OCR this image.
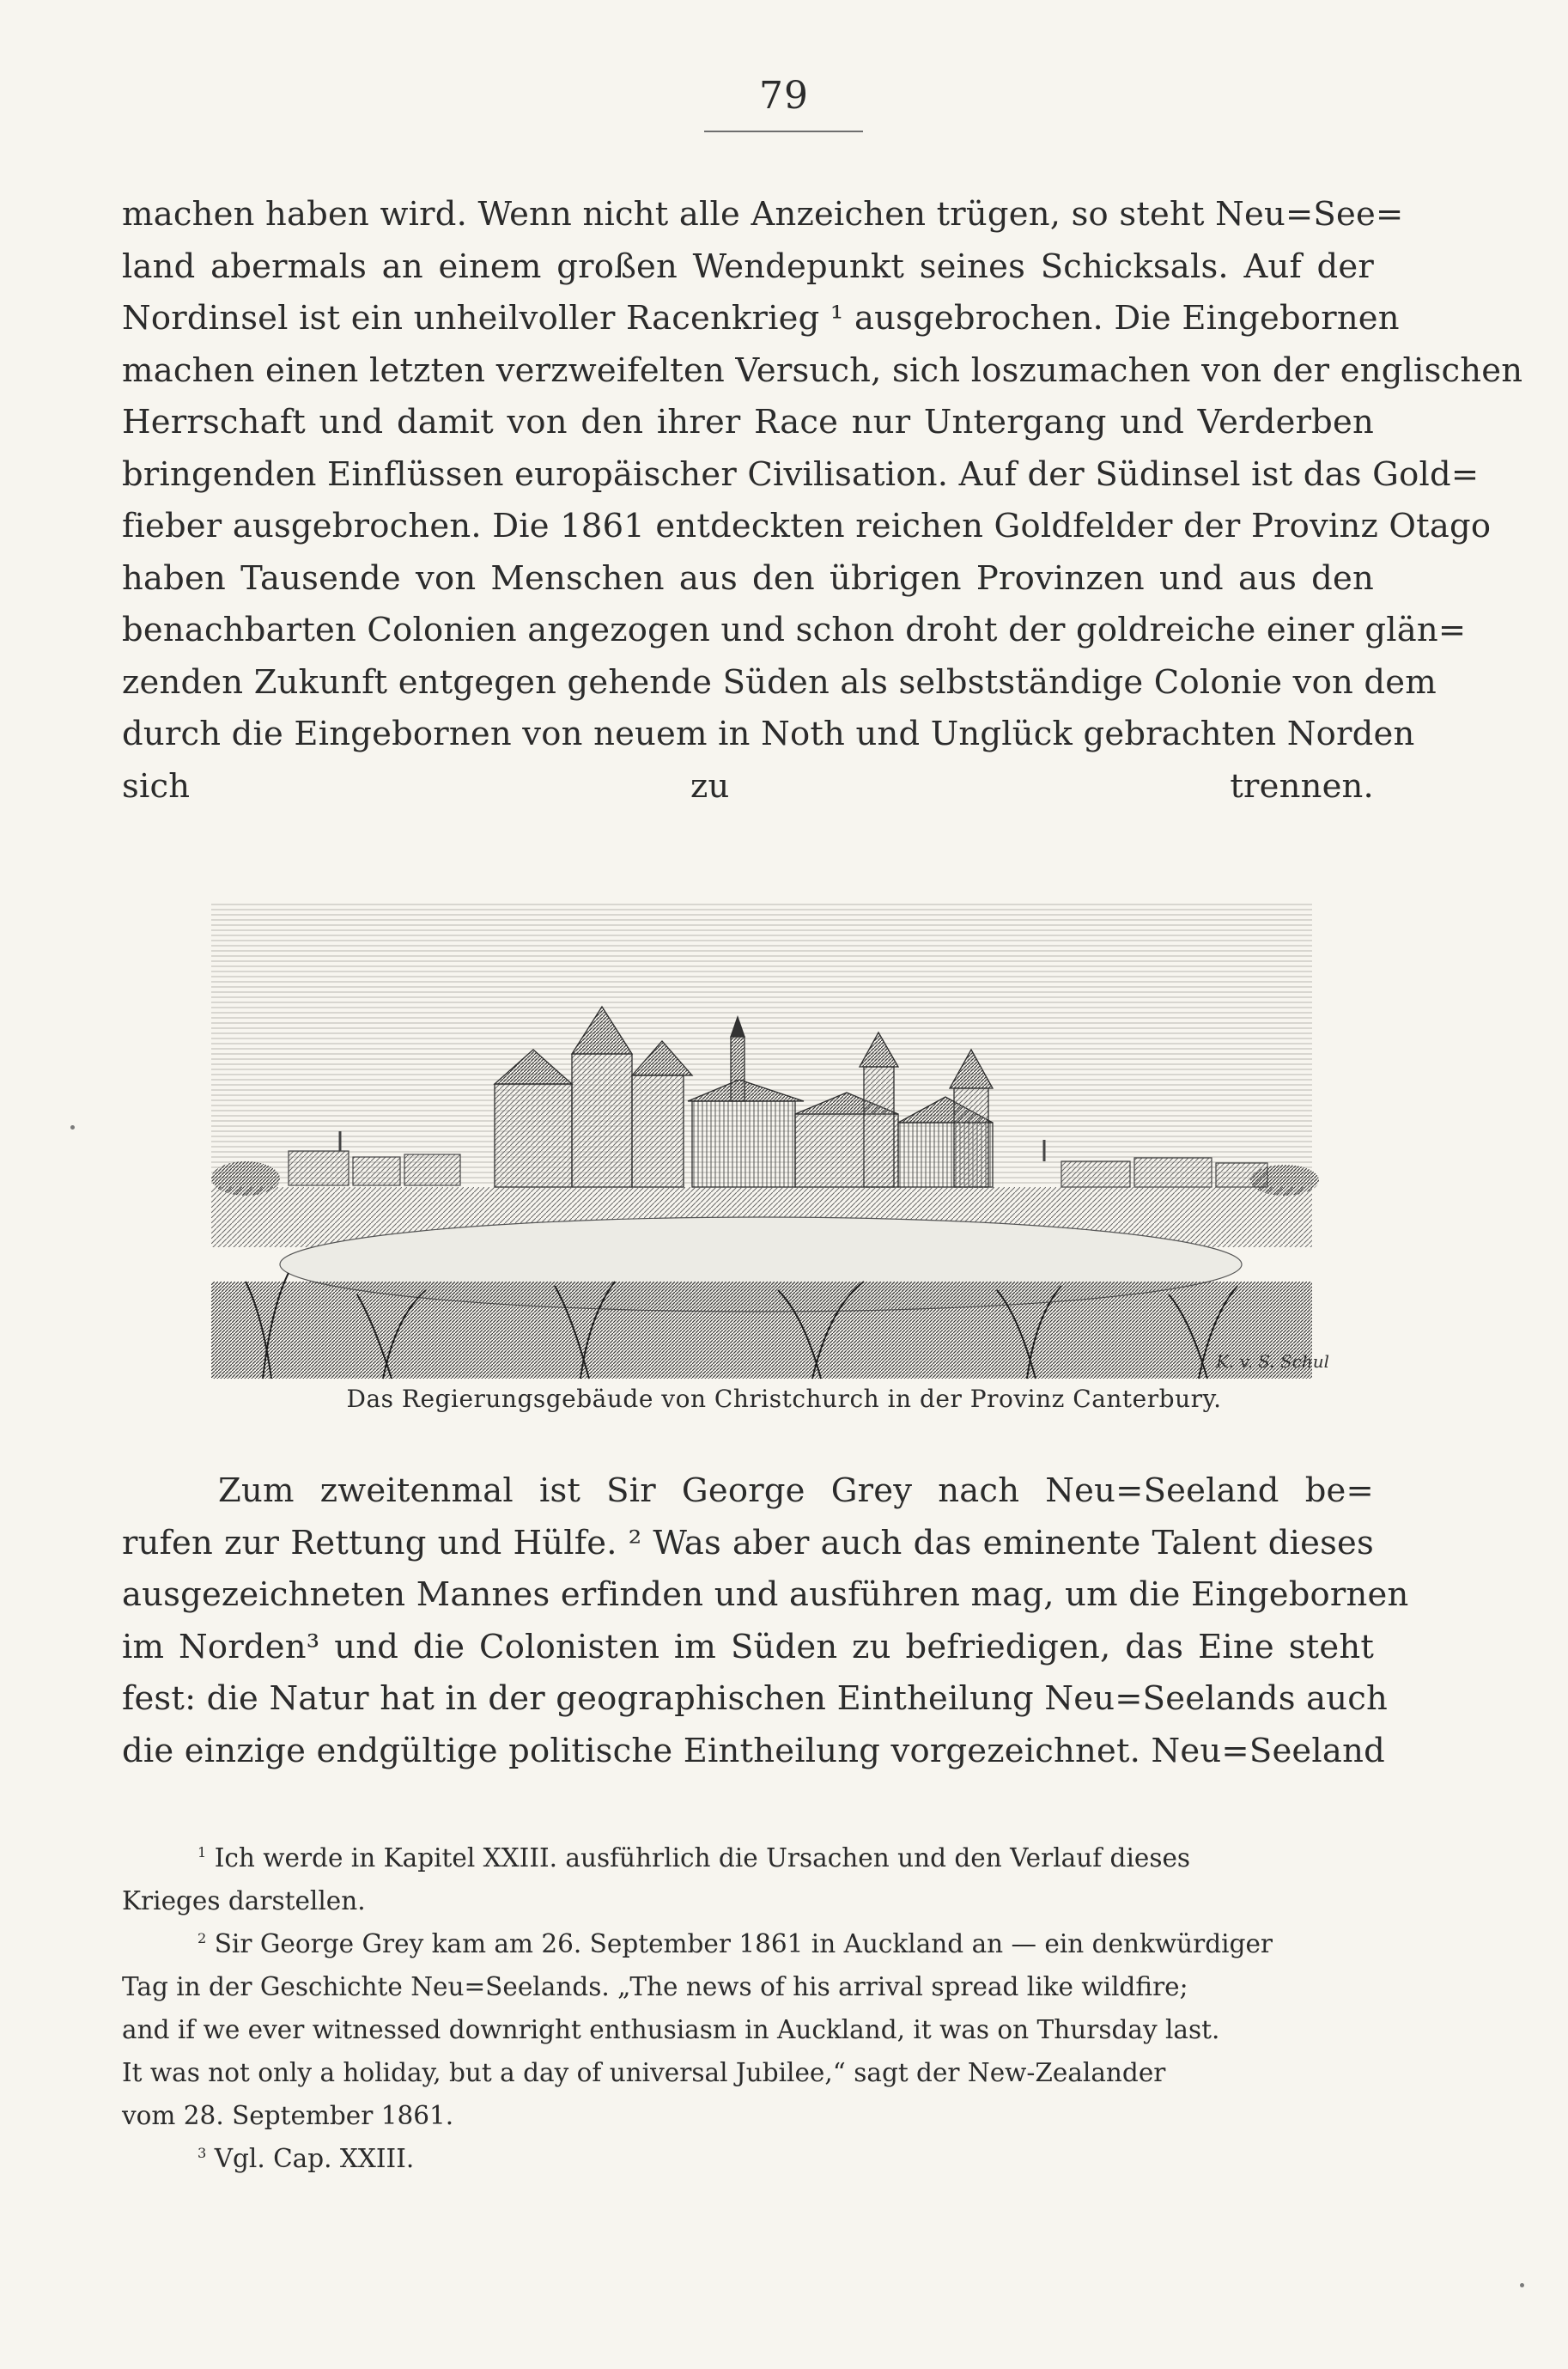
79
machen haben wird. Wenn nicht alle Anzeichen trügen, so steht Neu=See=
land abermals an einem großen Wendepunkt seines Schicksals. Auf der
Nordinsel ist ein unheilvoller Racenkrieg ¹ ausgebrochen. Die Eingebornen
machen einen letzten verzweifelten Versuch, sich loszumachen von der englischen
Herrschaft und damit von den ihrer Race nur Untergang und Verderben
bringenden Einflüssen europäischer Civilisation. Auf der Südinsel ist das Gold=
fieber ausgebrochen. Die 1861 entdeckten reichen Goldfelder der Provinz Otago
haben Tausende von Menschen aus den übrigen Provinzen und aus den
benachbarten Colonien angezogen und schon droht der goldreiche einer glän=
zenden Zukunft entgegen gehende Süden als selbstständige Colonie von dem
durch die Eingebornen von neuem in Noth und Unglück gebrachten Norden
sich zu trennen.
K. v. S. Schul
Das Regierungsgebäude von Christchurch in der Provinz Canterbury.
Zum zweitenmal ist Sir George Grey nach Neu=Seeland be=
rufen zur Rettung und Hülfe. ² Was aber auch das eminente Talent dieses
ausgezeichneten Mannes erfinden und ausführen mag, um die Eingebornen
im Norden³ und die Colonisten im Süden zu befriedigen, das Eine steht
fest: die Natur hat in der geographischen Eintheilung Neu=Seelands auch
die einzige endgültige politische Eintheilung vorgezeichnet. Neu=Seeland
$^1$ Ich werde in Kapitel XXIII. ausführlich die Ursachen und den Verlauf dieses
Krieges darstellen.
$^2$ Sir George Grey kam am 26. September 1861 in Auckland an — ein denkwürdiger
Tag in der Geschichte Neu=Seelands. „The news of his arrival spread like wildfire;
and if we ever witnessed downright enthusiasm in Auckland, it was on Thursday last.
It was not only a holiday, but a day of universal Jubilee,“ sagt der New-Zealander
vom 28. September 1861.
$^3$ Vgl. Cap. XXIII.
